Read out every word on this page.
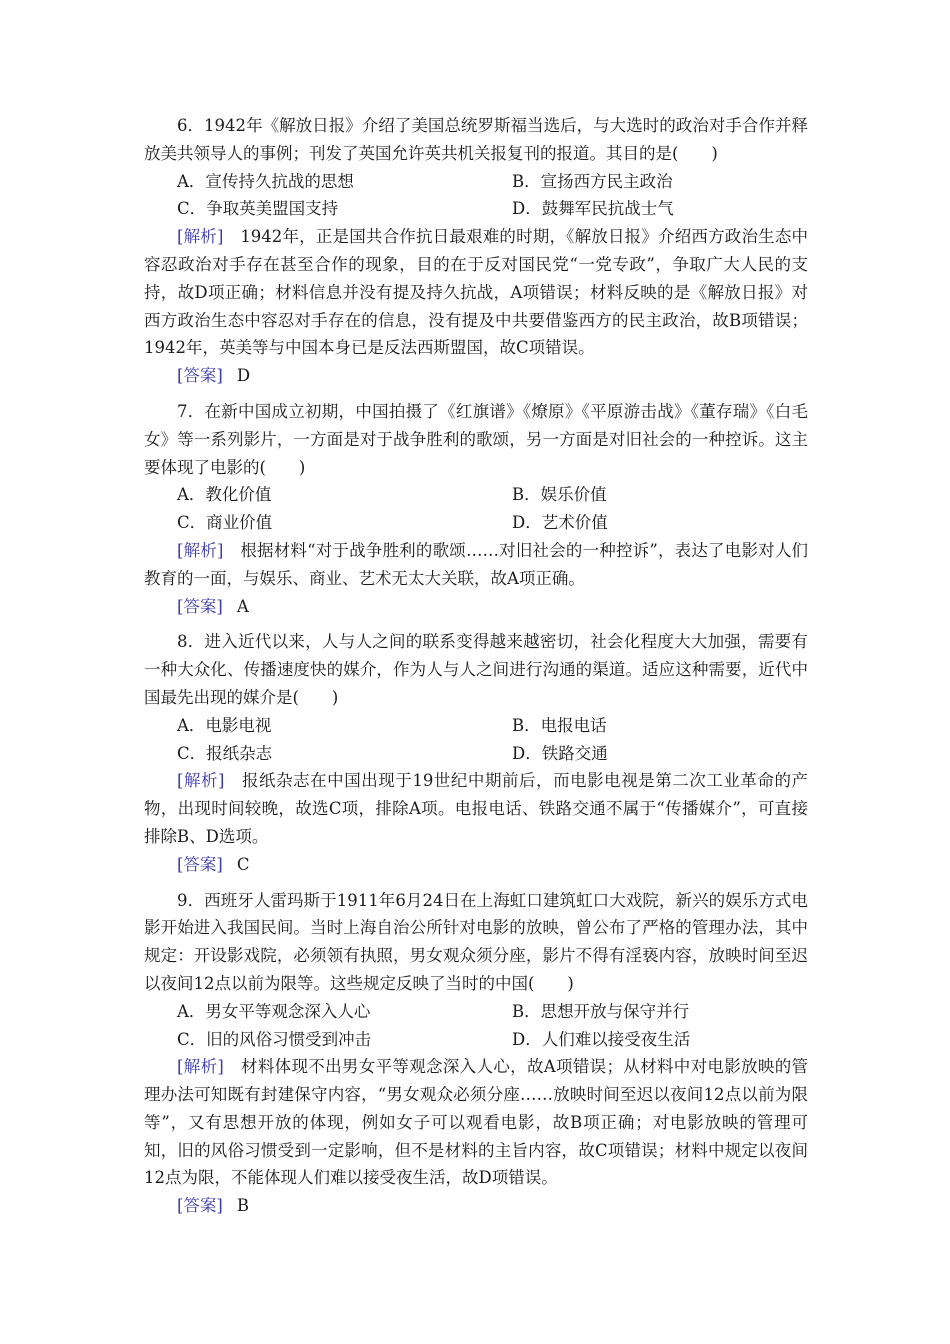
6．1942年《解放日报》介绍了美国总统罗斯福当选后，与大选时的政治对手合作并释放美共领导人的事例；刊发了英国允许英共机关报复刊的报道。其目的是(　　)

A．宣传持久抗战的思想	B．宣扬西方民主政治
C．争取英美盟国支持	D．鼓舞军民抗战士气

[解析]　 1942年，正是国共合作抗日最艰难的时期，《解放日报》介绍西方政治生态中容忍政治对手存在甚至合作的现象，目的在于反对国民党“一党专政”，争取广大人民的支持，故D项正确；材料信息并没有提及持久抗战，A项错误；材料反映的是《解放日报》对西方政治生态中容忍对手存在的信息，没有提及中共要借鉴西方的民主政治，故B项错误；1942年，英美等与中国本身已是反法西斯盟国，故C项错误。

[答案] D

7．在新中国成立初期，中国拍摄了《红旗谱》《燎原》《平原游击战》《董存瑞》《白毛女》等一系列影片，一方面是对于战争胜利的歌颂，另一方面是对旧社会的一种控诉。这主要体现了电影的(　　)

A．教化价值	B．娱乐价值
C．商业价值	D．艺术价值

[解析]　 根据材料“对于战争胜利的歌颂……对旧社会的一种控诉”，表达了电影对人们教育的一面，与娱乐、商业、艺术无太大关联，故A项正确。

[答案] A

8．进入近代以来，人与人之间的联系变得越来越密切，社会化程度大大加强，需要有一种大众化、传播速度快的媒介，作为人与人之间进行沟通的渠道。适应这种需要，近代中国最先出现的媒介是(　　)

A．电影电视	B．电报电话
C．报纸杂志	D．铁路交通

[解析]　 报纸杂志在中国出现于19世纪中期前后，而电影电视是第二次工业革命的产物，出现时间较晚，故选C项，排除A项。电报电话、铁路交通不属于“传播媒介”，可直接排除B、D选项。

[答案] C

9．西班牙人雷玛斯于1911年6月24日在上海虹口建筑虹口大戏院，新兴的娱乐方式电影开始进入我国民间。当时上海自治公所针对电影的放映，曾公布了严格的管理办法，其中规定：开设影戏院，必须领有执照，男女观众须分座，影片不得有淫亵内容，放映时间至迟以夜间12点以前为限等。这些规定反映了当时的中国(　　)

A．男女平等观念深入人心	B．思想开放与保守并行
C．旧的风俗习惯受到冲击	D．人们难以接受夜生活

[解析]　 材料体现不出男女平等观念深入人心，故A项错误；从材料中对电影放映的管理办法可知既有封建保守内容，“男女观众必须分座……放映时间至迟以夜间12点以前为限等”，又有思想开放的体现，例如女子可以观看电影，故B项正确；对电影放映的管理可知，旧的风俗习惯受到一定影响，但不是材料的主旨内容，故C项错误；材料中规定以夜间12点为限，不能体现人们难以接受夜生活，故D项错误。

[答案] B
